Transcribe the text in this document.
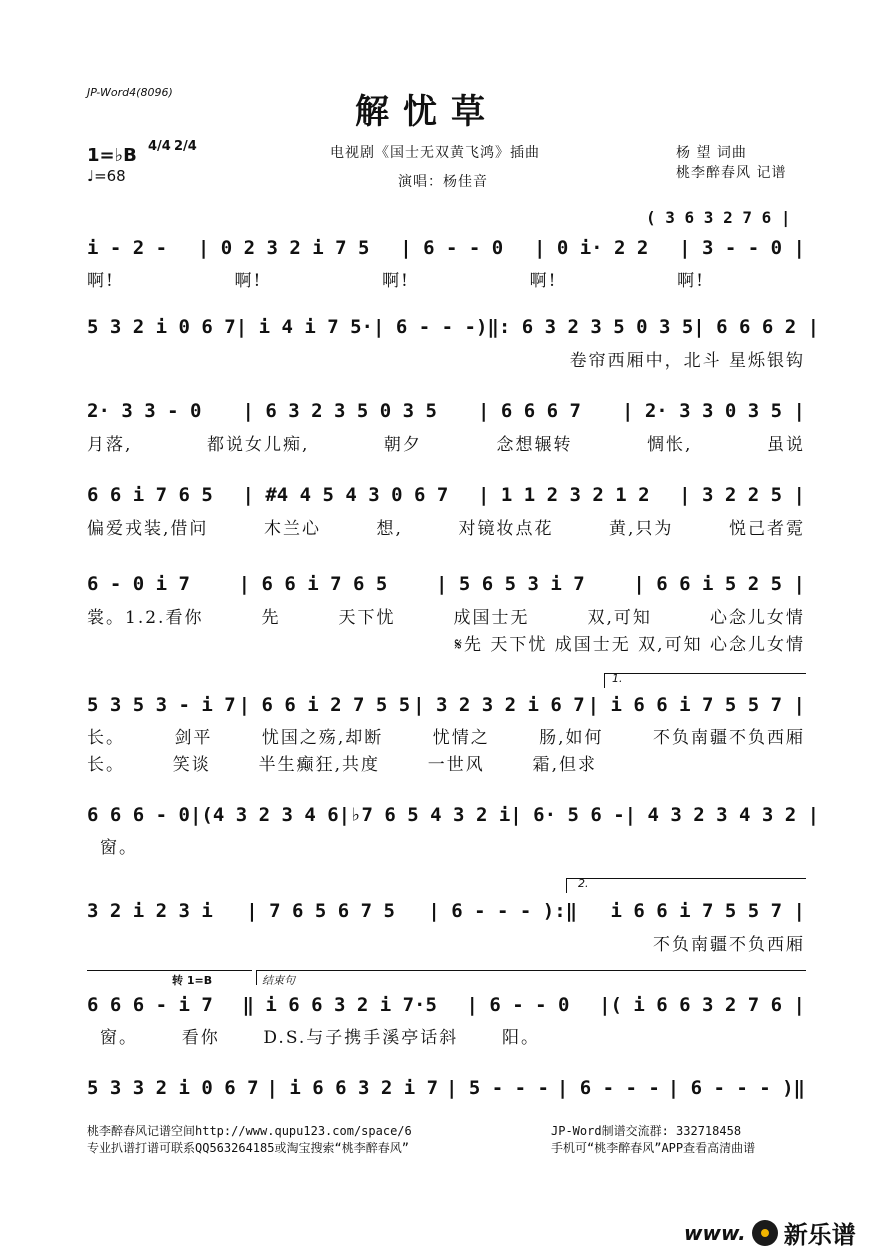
JP-Word4(8096)	解忧草
电视剧《国士无双黄飞鸿》插曲
演唱：杨佳音
杨 望 词曲
桃李醉春风 记谱
1=♭B 4/4 2/4
♩=68
( 3 6 3 2 7 6 |
i - 2 - | 0 2 3 2 i 7 5 | 6 - - 0 | 0 i· 2 2 | 3 - - 0 |
啊!	啊!	啊!	啊!	啊!
5 3 2 i 0 6 7 | i 4 i 7 5· | 6 - - -) ‖: 6 3 2 3 5 0 3 5 | 6 6 6 2 |
卷帘西厢中，北斗 星烁银钩
2· 3 3 - 0 | 6 3 2 3 5 0 3 5 | 6 6 6 7 | 2· 3 3 0 3 5 |
月落,	都说女儿痴,	朝夕	念想辗转	惆怅,	虽说
6 6 i 7 6 5 | #4 4 5 4 3 0 6 7 | 1 1 2 3 2 1 2 | 3 2 2 5 |
偏爱戎装,借问	木兰心	想,	对镜妆点花	黄,只为	悦己者霓
6 - 0 i 7	| 6 6 i 7 6 5	| 5 6 5 3 i 7	| 6 6 i 5 2 5 |
裳。1.2.看你	先	天下忧	成国士无	双,可知	心念儿女情
𝄋先 天下忧 成国士无 双,可知 心念儿女情
1.
5 3 5 3 - i 7 | 6 6 i 2 7 5 5 | 3 2 3 2 i 6 7 | i 6 6 i 7 5 5 7 |
长。	剑平	忧国之殇,却断	忧情之	肠,如何	不负南疆不负西厢
长。	笑谈	半生癫狂,共度	一世风	霜,但求
6 6 6 - 0 |(4 3 2 3 4 6 |♭7 6 5 4 3 2 i | 6· 5 6 - | 4 3 2 3 4 3 2 |
窗。
2.
3 2 i 2 3 i | 7 6 5 6 7 5 | 6 - - - ):‖ i 6 6 i 7 5 5 7 |
不负南疆不负西厢
转 1=B	结束句
6 6 6 - i 7 ‖ i 6 6 3 2 i 7·5 | 6 - - 0 |( i 6 6 3 2 7 6 |
窗。	看你	D.S.与子携手溪亭话斜	阳。
5 3 3 2 i 0 6 7 | i 6 6 3 2 i 7 | 5 - - - | 6 - - - | 6 - - - )‖
桃李醉春风记谱空间http://www.qupu123.com/space/6
专业扒谱打谱可联系QQ563264185或淘宝搜索“桃李醉春风”
JP-Word制谱交流群: 332718458
手机可“桃李醉春风”APP查看高清曲谱
www. 新乐谱
